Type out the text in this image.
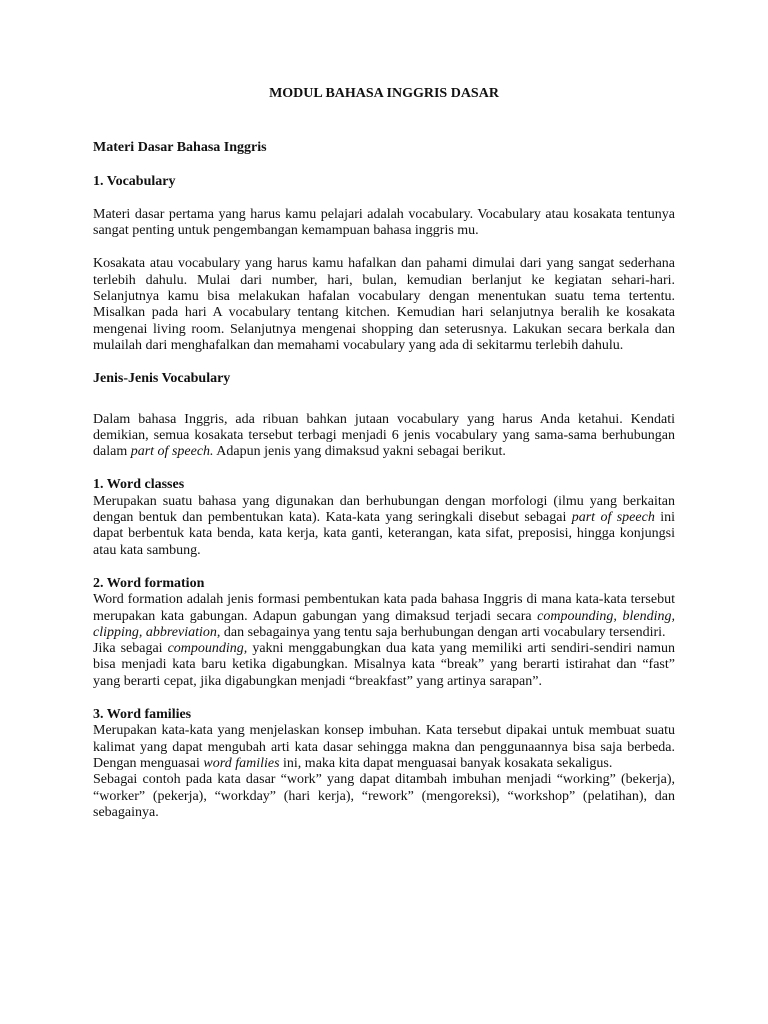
MODUL BAHASA INGGRIS DASAR

Materi Dasar Bahasa Inggris

1. Vocabulary

Materi dasar pertama yang harus kamu pelajari adalah vocabulary. Vocabulary atau kosakata tentunya sangat penting untuk pengembangan kemampuan bahasa inggris mu.

Kosakata atau vocabulary yang harus kamu hafalkan dan pahami dimulai dari yang sangat sederhana terlebih dahulu. Mulai dari number, hari, bulan, kemudian berlanjut ke kegiatan sehari-hari. Selanjutnya kamu bisa melakukan hafalan vocabulary dengan menentukan suatu tema tertentu. Misalkan pada hari A vocabulary tentang kitchen. Kemudian hari selanjutnya beralih ke kosakata mengenai living room. Selanjutnya mengenai shopping dan seterusnya. Lakukan secara berkala dan mulailah dari menghafalkan dan memahami vocabulary yang ada di sekitarmu terlebih dahulu.

Jenis-Jenis Vocabulary

Dalam bahasa Inggris, ada ribuan bahkan jutaan vocabulary yang harus Anda ketahui. Kendati demikian, semua kosakata tersebut terbagi menjadi 6 jenis vocabulary yang sama-sama berhubungan dalam part of speech. Adapun jenis yang dimaksud yakni sebagai berikut.

1. Word classes

Merupakan suatu bahasa yang digunakan dan berhubungan dengan morfologi (ilmu yang berkaitan dengan bentuk dan pembentukan kata). Kata-kata yang seringkali disebut sebagai part of speech ini dapat berbentuk kata benda, kata kerja, kata ganti, keterangan, kata sifat, preposisi, hingga konjungsi atau kata sambung.

2. Word formation

Word formation adalah jenis formasi pembentukan kata pada bahasa Inggris di mana kata-kata tersebut merupakan kata gabungan. Adapun gabungan yang dimaksud terjadi secara compounding, blending, clipping, abbreviation, dan sebagainya yang tentu saja berhubungan dengan arti vocabulary tersendiri.

Jika sebagai compounding, yakni menggabungkan dua kata yang memiliki arti sendiri-sendiri namun bisa menjadi kata baru ketika digabungkan. Misalnya kata “break” yang berarti istirahat dan “fast” yang berarti cepat, jika digabungkan menjadi “breakfast” yang artinya sarapan”.

3. Word families

Merupakan kata-kata yang menjelaskan konsep imbuhan. Kata tersebut dipakai untuk membuat suatu kalimat yang dapat mengubah arti kata dasar sehingga makna dan penggunaannya bisa saja berbeda. Dengan menguasai word families ini, maka kita dapat menguasai banyak kosakata sekaligus.

Sebagai contoh pada kata dasar “work” yang dapat ditambah imbuhan menjadi “working” (bekerja), “worker” (pekerja), “workday” (hari kerja), “rework” (mengoreksi), “workshop” (pelatihan), dan sebagainya.
